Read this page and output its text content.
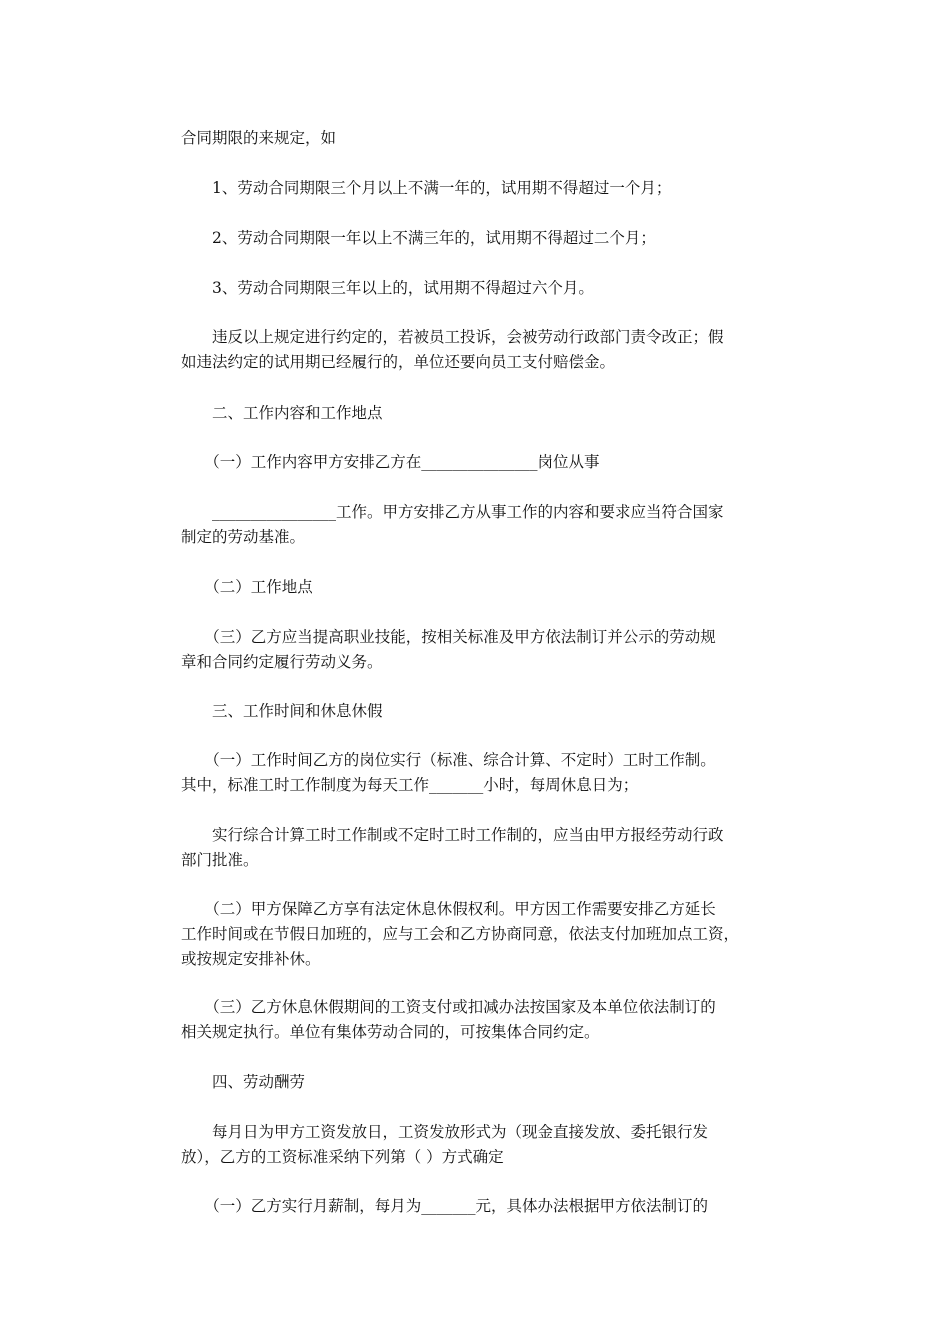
合同期限的来规定，如

　　1、劳动合同期限三个月以上不满一年的，试用期不得超过一个月；

　　2、劳动合同期限一年以上不满三年的，试用期不得超过二个月；

　　3、劳动合同期限三年以上的，试用期不得超过六个月。

　　违反以上规定进行约定的，若被员工投诉，会被劳动行政部门责令改正；假
如违法约定的试用期已经履行的，单位还要向员工支付赔偿金。

　　二、工作内容和工作地点

　　（一）工作内容甲方安排乙方在_______________岗位从事

　　________________工作。甲方安排乙方从事工作的内容和要求应当符合国家
制定的劳动基准。

　　（二）工作地点

　　（三）乙方应当提高职业技能，按相关标准及甲方依法制订并公示的劳动规
章和合同约定履行劳动义务。

　　三、工作时间和休息休假

　　（一）工作时间乙方的岗位实行（标准、综合计算、不定时）工时工作制。
其中，标准工时工作制度为每天工作_______小时，每周休息日为；

　　实行综合计算工时工作制或不定时工时工作制的，应当由甲方报经劳动行政
部门批准。

　　（二）甲方保障乙方享有法定休息休假权利。甲方因工作需要安排乙方延长
工作时间或在节假日加班的，应与工会和乙方协商同意，依法支付加班加点工资，
或按规定安排补休。

　　（三）乙方休息休假期间的工资支付或扣减办法按国家及本单位依法制订的
相关规定执行。单位有集体劳动合同的，可按集体合同约定。

　　四、劳动酬劳

　　每月日为甲方工资发放日，工资发放形式为（现金直接发放、委托银行发
放），乙方的工资标准采纳下列第（ ）方式确定

　　（一）乙方实行月薪制，每月为_______元，具体办法根据甲方依法制订的
